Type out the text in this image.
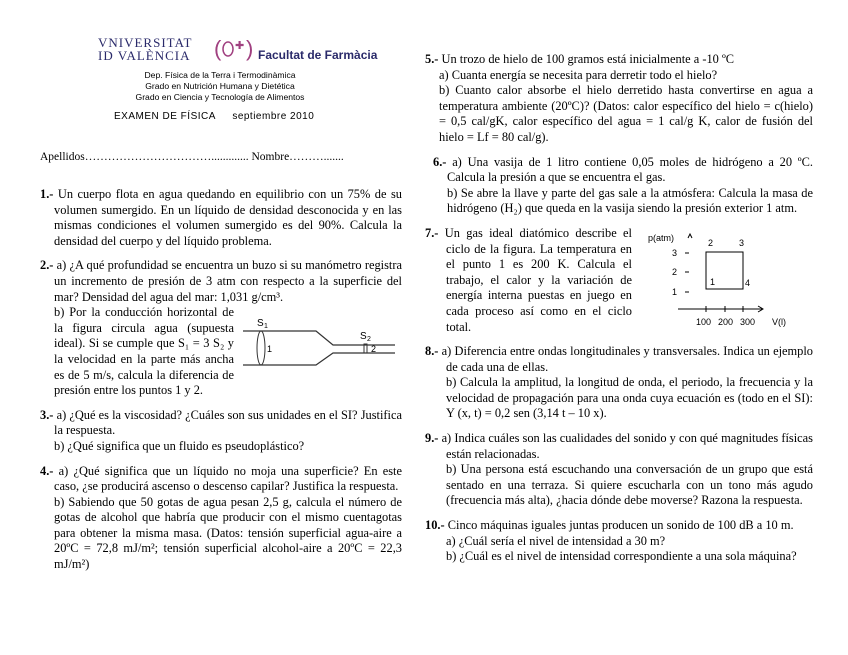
VNIVERSITAT
ID VALÈNCIA ( ✚ ) Facultat de Farmàcia
Dep. Física de la Terra i Termodinàmica
Grado en Nutrición Humana y Dietética
Grado en Ciencia y Tecnología de Alimentos
EXAMEN DE FÍSICA septiembre 2010
Apellidos……………………………............. Nombre……….......

1.- Un cuerpo flota en agua quedando en equilibrio con un 75% de su volumen sumergido. En un líquido de densidad desconocida y en las mismas condiciones el volumen sumergido es del 90%. Calcula la densidad del cuerpo y del líquido problema.

2.- a) ¿A qué profundidad se encuentra un buzo si su manómetro registra un incremento de presión de 3 atm con respecto a la superficie del mar? Densidad del agua del mar: 1,031 g/cm³.

b) Por la conducción horizontal de la figura circula agua (supuesta ideal). Si se cumple que S₁ = 3 S₂ y la velocidad en la parte más ancha es de 5 m/s, calcula la diferencia de presión entre los puntos 1 y 2.

S 1
S 2
1	2

3.- a) ¿Qué es la viscosidad? ¿Cuáles son sus unidades en el SI? Justifica la respuesta.

b) ¿Qué significa que un fluido es pseudoplástico?

4.- a) ¿Qué significa que un líquido no moja una superficie? En este caso, ¿se producirá ascenso o descenso capilar? Justifica la respuesta.

b) Sabiendo que 50 gotas de agua pesan 2,5 g, calcula el número de gotas de alcohol que habría que producir con el mismo cuentagotas para obtener la misma masa. (Datos: tensión superficial agua-aire a 20ºC = 72,8 mJ/m²; tensión superficial alcohol-aire a 20ºC = 22,3 mJ/m²)

5.- Un trozo de hielo de 100 gramos está inicialmente a -10 ºC

a) Cuanta energía se necesita para derretir todo el hielo?

b) Cuanto calor absorbe el hielo derretido hasta convertirse en agua a temperatura ambiente (20ºC)? (Datos: calor específico del hielo = c(hielo) = 0,5 cal/gK, calor específico del agua = 1 cal/g K, calor de fusión del hielo = Lf = 80 cal/g).

6.- a) Una vasija de 1 litro contiene 0,05 moles de hidrógeno a 20 ºC. Calcula la presión a que se encuentra el gas.

b) Se abre la llave y parte del gas sale a la atmósfera: Calcula la masa de hidrógeno (H₂) que queda en la vasija siendo la presión exterior 1 atm.

7.- Un gas ideal diatómico describe el ciclo de la figura. La temperatura en el punto 1 es 200 K. Calcula el trabajo, el calor y la variación de energía interna puestas en juego en cada proceso así como en el ciclo total.

p(atm)
3
2
1
1
2	3
4
100 200 300 V(l)

8.- a) Diferencia entre ondas longitudinales y transversales. Indica un ejemplo de cada una de ellas.

b) Calcula la amplitud, la longitud de onda, el periodo, la frecuencia y la velocidad de propagación para una onda cuya ecuación es (todo en el SI): Y (x, t) = 0,2 sen (3,14 t – 10 x).

9.- a) Indica cuáles son las cualidades del sonido y con qué magnitudes físicas están relacionadas.

b) Una persona está escuchando una conversación de un grupo que está sentado en una terraza. Si quiere escucharla con un tono más agudo (frecuencia más alta), ¿hacia dónde debe moverse? Razona la respuesta.

10.- Cinco máquinas iguales juntas producen un sonido de 100 dB a 10 m.

a) ¿Cuál sería el nivel de intensidad a 30 m?

b) ¿Cuál es el nivel de intensidad correspondiente a una sola máquina?
